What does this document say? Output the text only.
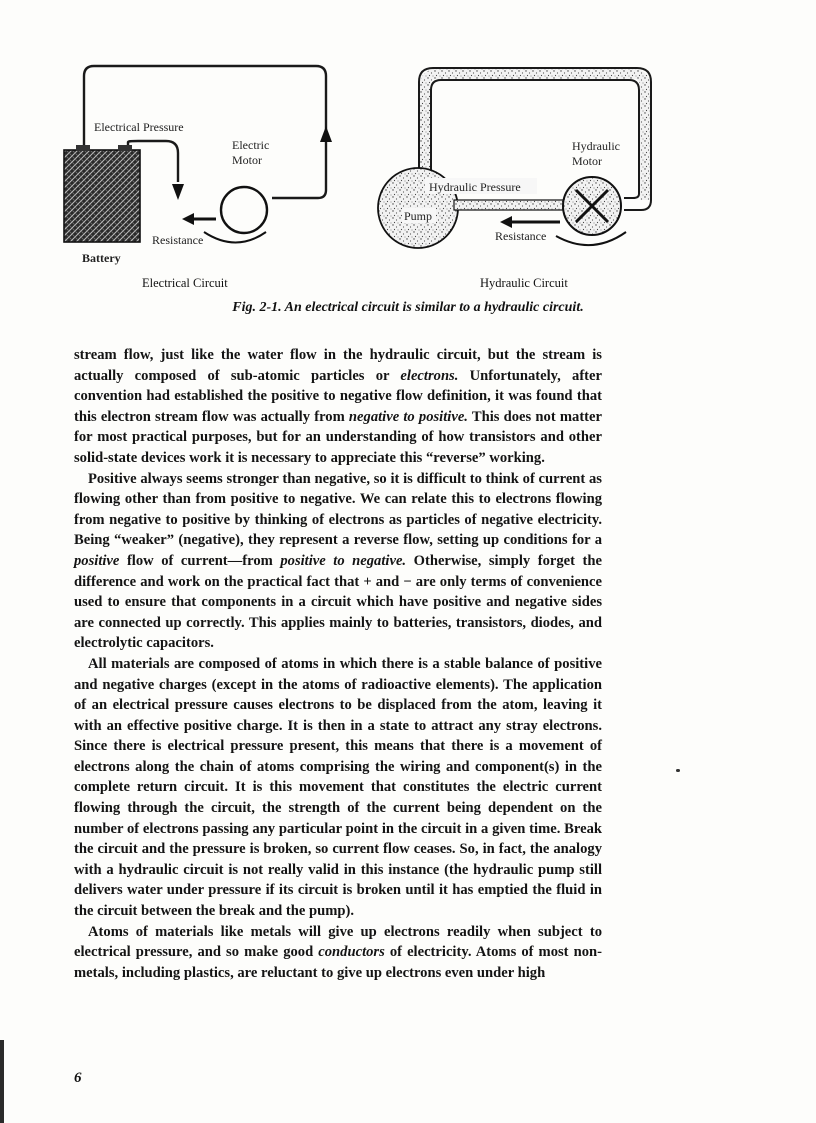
Electrical Pressure
Electric
Motor
Resistance
Battery
Hydraulic Pressure
Pump
Hydraulic
Motor
Resistance
Electrical Circuit	Hydraulic Circuit
Fig. 2-1. An electrical circuit is similar to a hydraulic circuit.

stream flow, just like the water flow in the hydraulic circuit, but the stream is actually composed of sub-atomic particles or electrons. Unfortunately, after convention had established the positive to negative flow definition, it was found that this electron stream flow was actually from negative to positive. This does not matter for most practical purposes, but for an understanding of how transistors and other solid-state devices work it is necessary to appreciate this “reverse” working.

Positive always seems stronger than negative, so it is difficult to think of current as flowing other than from positive to negative. We can relate this to electrons flowing from negative to positive by thinking of electrons as particles of negative electricity. Being “weaker” (negative), they represent a reverse flow, setting up conditions for a positive flow of current—from positive to negative. Otherwise, simply forget the difference and work on the practical fact that + and − are only terms of convenience used to ensure that components in a circuit which have positive and negative sides are connected up correctly. This applies mainly to batteries, transistors, diodes, and electrolytic capacitors.

All materials are composed of atoms in which there is a stable balance of positive and negative charges (except in the atoms of radioactive elements). The application of an electrical pressure causes electrons to be displaced from the atom, leaving it with an effective positive charge. It is then in a state to attract any stray electrons. Since there is electrical pressure present, this means that there is a movement of electrons along the chain of atoms comprising the wiring and component(s) in the complete return circuit. It is this movement that constitutes the electric current flowing through the circuit, the strength of the current being dependent on the number of electrons passing any particular point in the circuit in a given time. Break the circuit and the pressure is broken, so current flow ceases. So, in fact, the analogy with a hydraulic circuit is not really valid in this instance (the hydraulic pump still delivers water under pressure if its circuit is broken until it has emptied the fluid in the circuit between the break and the pump).

Atoms of materials like metals will give up electrons readily when subject to electrical pressure, and so make good conductors of electricity. Atoms of most non-metals, including plastics, are reluctant to give up electrons even under high

6
